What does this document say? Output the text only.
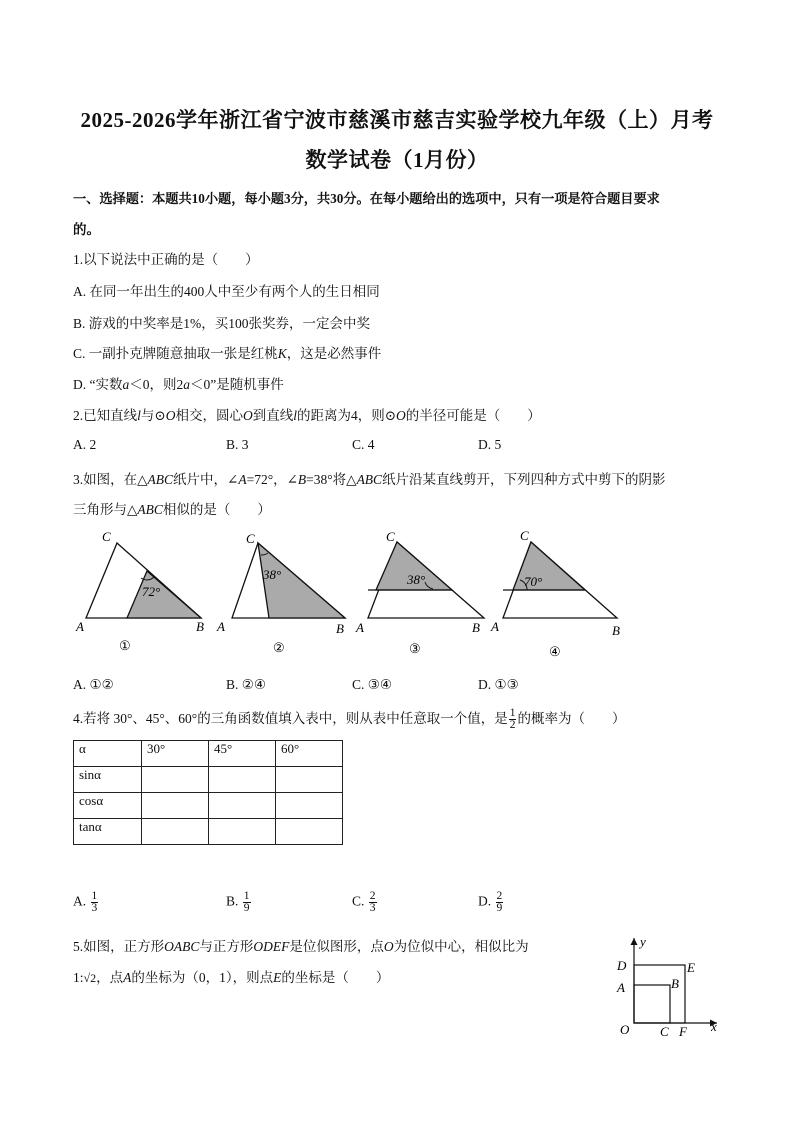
2025-2026学年浙江省宁波市慈溪市慈吉实验学校九年级（上）月考
数学试卷（1月份）
一、选择题：本题共10小题，每小题3分，共30分。在每小题给出的选项中，只有一项是符合题目要求
的。
1.以下说法中正确的是（　　）
A. 在同一年出生的400人中至少有两个人的生日相同
B. 游戏的中奖率是1%，买100张奖券，一定会中奖
C. 一副扑克牌随意抽取一张是红桃K，这是必然事件
D. “实数a＜0，则2a＜0”是随机事件
2.已知直线l与⊙O相交，圆心O到直线l的距离为4，则⊙O的半径可能是（　　）
A. 2	B. 3	C. 4	D. 5
3.如图，在△ABC纸片中，∠A=72°，∠B=38°将△ABC纸片沿某直线剪开，下列四种方式中剪下的阴影
三角形与△ABC相似的是（　　）
72°
C
A	B
①
38°
C
A	B
②
38°
C
A	B
③
70°
C
A	B
④
A. ①②	B. ②④	C. ③④	D. ①③
4.若将 30°、45°、60°的三角函数值填入表中，则从表中任意取一个值，是 $\frac{1}{2}$ 的概率为（　　）
α	30°	45°	60°
sinα			
cosα			
tanα			
A. $\frac{1}{3}$	B. $\frac{1}{9}$	C. $\frac{2}{3}$	D. $\frac{2}{9}$
5.如图，正方形OABC与正方形ODEF是位似图形，点O为位似中心，相似比为
1:√2，点A的坐标为（0，1），则点E的坐标是（　　）
y
x
D	E
A	B
O C F
